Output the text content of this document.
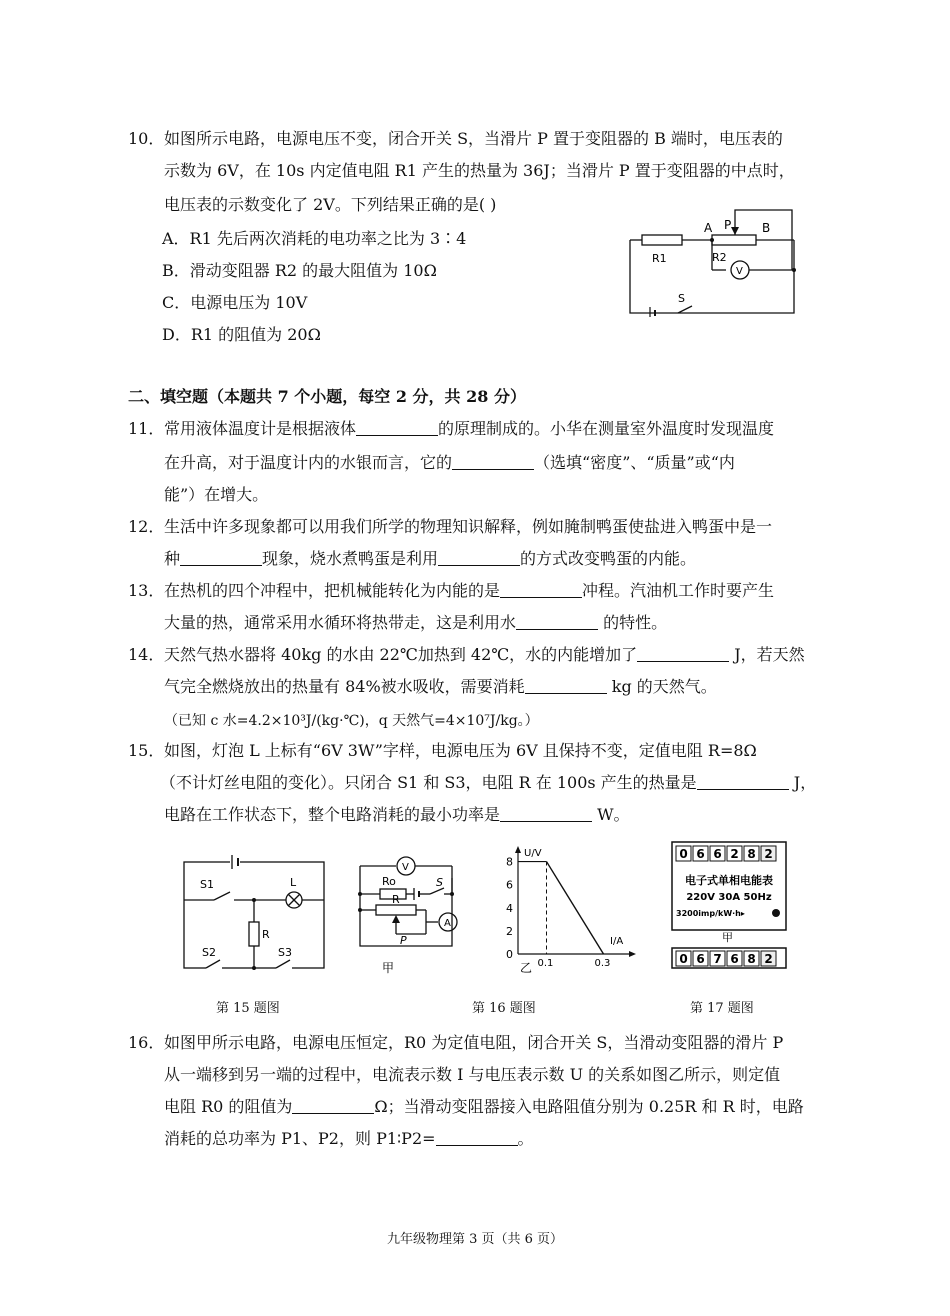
10．如图所示电路，电源电压不变，闭合开关 S，当滑片 P 置于变阻器的 B 端时，电压表的
示数为 6V，在 10s 内定值电阻 R1 产生的热量为 36J；当滑片 P 置于变阻器的中点时，
电压表的示数变化了 2V。下列结果正确的是( )
A．R1 先后两次消耗的电功率之比为 3∶4
B．滑动变阻器 R2 的最大阻值为 10Ω
C．电源电压为 10V
D．R1 的阻值为 20Ω
A P	B
R1	R2
V
S
二、填空题（本题共 7 个小题，每空 2 分，共 28 分）
11．常用液体温度计是根据液体	的原理制成的。小华在测量室外温度时发现温度
在升高，对于温度计内的水银而言，它的	（选填“密度”、“质量”或“内
能”）在增大。
12．生活中许多现象都可以用我们所学的物理知识解释，例如腌制鸭蛋使盐进入鸭蛋中是一
种	现象，烧水煮鸭蛋是利用	的方式改变鸭蛋的内能。
13．在热机的四个冲程中，把机械能转化为内能的是	冲程。汽油机工作时要产生
大量的热，通常采用水循环将热带走，这是利用水	的特性。
14．天然气热水器将 40kg 的水由 22℃加热到 42℃，水的内能增加了	J，若天然
气完全燃烧放出的热量有 84%被水吸收，需要消耗	kg 的天然气。
（已知 c 水=4.2×10³J/(kg·℃)，q 天然气=4×10⁷J/kg。）
15．如图，灯泡 L 上标有“6V 3W”字样，电源电压为 6V 且保持不变，定值电阻 R=8Ω
（不计灯丝电阻的变化）。只闭合 S1 和 S3，电阻 R 在 100s 产生的热量是	J，
电路在工作状态下，整个电路消耗的最小功率是	W。
S1	L
R
S2	S3
第 15 题图
V
A
Ro
R
S
P
甲
U/V
I/A
8
6
4
2
0
0.1	0.3
乙
第 16 题图
0 6 6 2 8 2
电子式单相电能表
220V 30A 50Hz
3200imp/kW·h▸
甲
0 6 7 6 8 2
第 17 题图
16．如图甲所示电路，电源电压恒定，R0 为定值电阻，闭合开关 S，当滑动变阻器的滑片 P
从一端移到另一端的过程中，电流表示数 I 与电压表示数 U 的关系如图乙所示，则定值
电阻 R0 的阻值为	Ω；当滑动变阻器接入电路阻值分别为 0.25R 和 R 时，电路
消耗的总功率为 P1、P2，则 P1∶P2=	。
九年级物理第 3 页（共 6 页）
